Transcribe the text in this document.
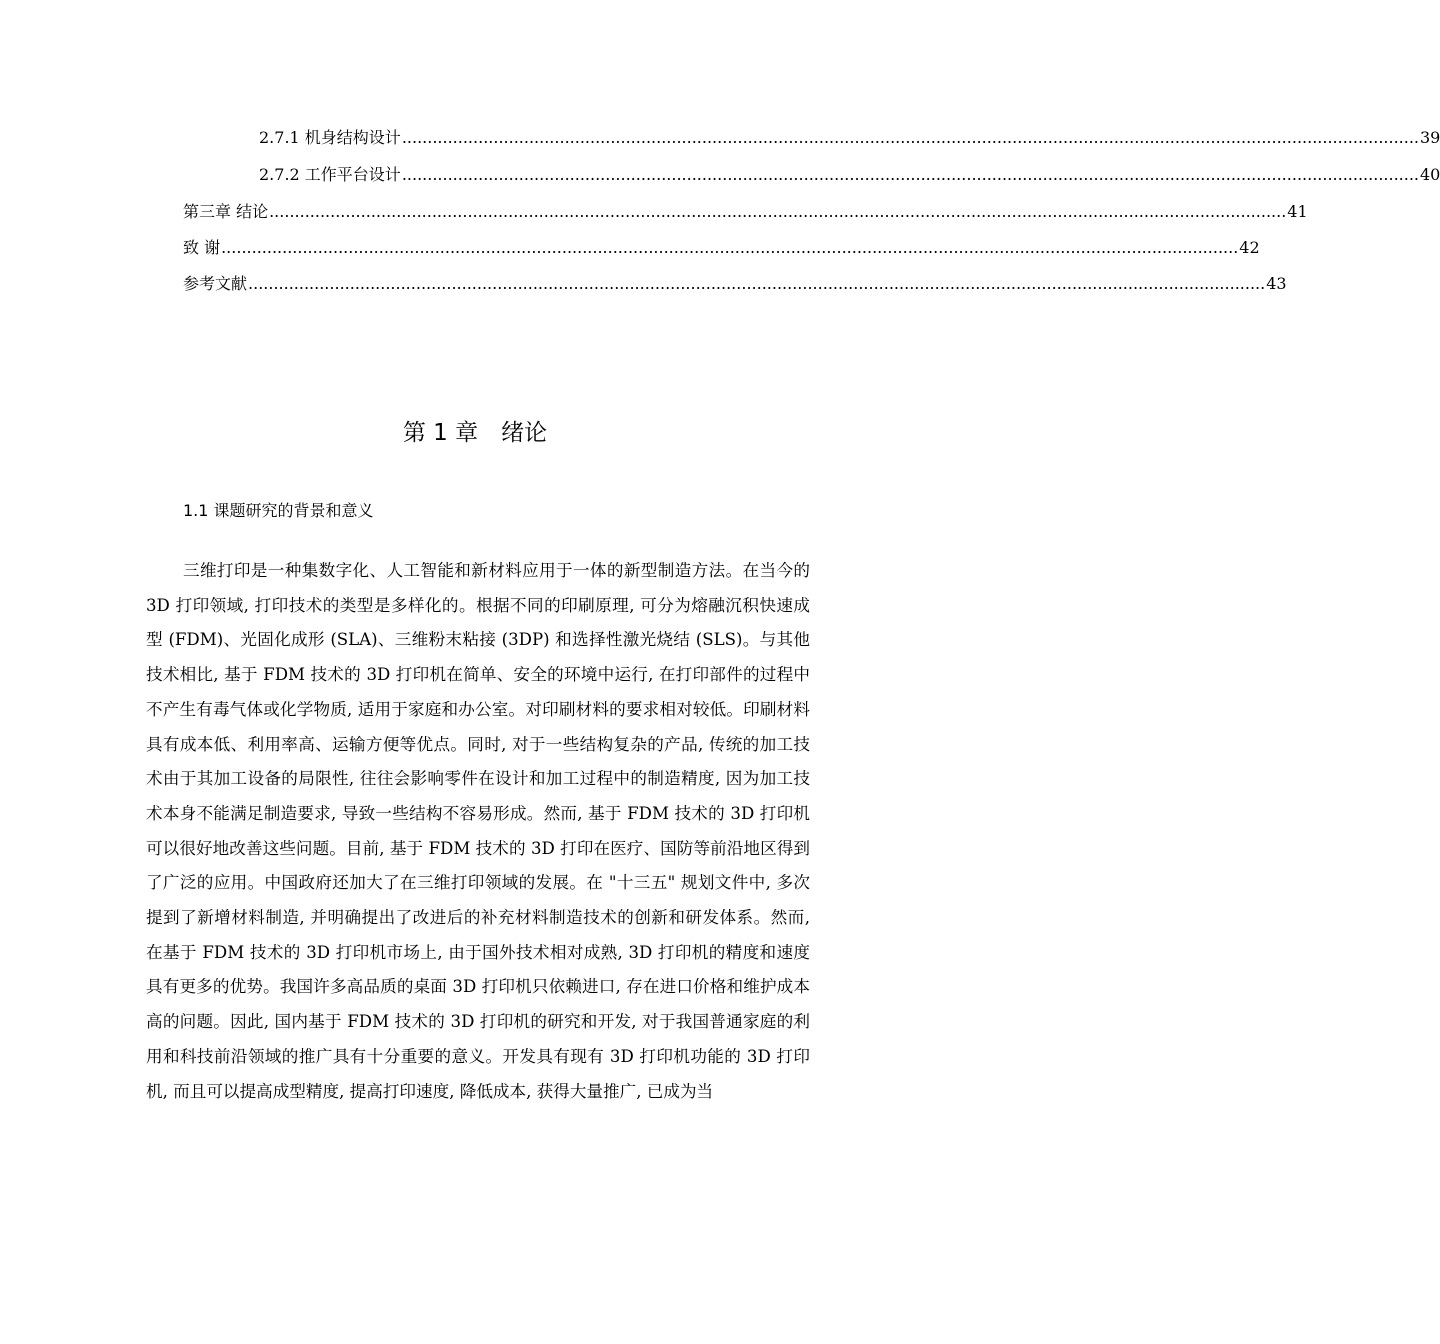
2.7.1 机身结构设计 ........................................................................................................................................................................................................ 39
2.7.2 工作平台设计 ........................................................................................................................................................................................................ 40
第三章 结论 ........................................................................................................................................................................................................ 41
致 谢 ........................................................................................................................................................................................................ 42
参考文献 ........................................................................................................................................................................................................ 43
第 1 章　绪论
1.1 课题研究的背景和意义

三维打印是一种集数字化、人工智能和新材料应用于一体的新型制造方法。在当今的 3D 打印领域, 打印技术的类型是多样化的。根据不同的印刷原理, 可分为熔融沉积快速成型 (FDM)、光固化成形 (SLA)、三维粉末粘接 (3DP) 和选择性激光烧结 (SLS)。与其他技术相比, 基于 FDM 技术的 3D 打印机在简单、安全的环境中运行, 在打印部件的过程中不产生有毒气体或化学物质, 适用于家庭和办公室。对印刷材料的要求相对较低。印刷材料具有成本低、利用率高、运输方便等优点。同时, 对于一些结构复杂的产品, 传统的加工技术由于其加工设备的局限性, 往往会影响零件在设计和加工过程中的制造精度, 因为加工技术本身不能满足制造要求, 导致一些结构不容易形成。然而, 基于 FDM 技术的 3D 打印机可以很好地改善这些问题。目前, 基于 FDM 技术的 3D 打印在医疗、国防等前沿地区得到了广泛的应用。中国政府还加大了在三维打印领域的发展。在 "十三五" 规划文件中, 多次提到了新增材料制造, 并明确提出了改进后的补充材料制造技术的创新和研发体系。然而, 在基于 FDM 技术的 3D 打印机市场上, 由于国外技术相对成熟, 3D 打印机的精度和速度具有更多的优势。我国许多高品质的桌面 3D 打印机只依赖进口, 存在进口价格和维护成本高的问题。因此, 国内基于 FDM 技术的 3D 打印机的研究和开发, 对于我国普通家庭的利用和科技前沿领域的推广具有十分重要的意义。开发具有现有 3D 打印机功能的 3D 打印机, 而且可以提高成型精度, 提高打印速度, 降低成本, 获得大量推广, 已成为当
